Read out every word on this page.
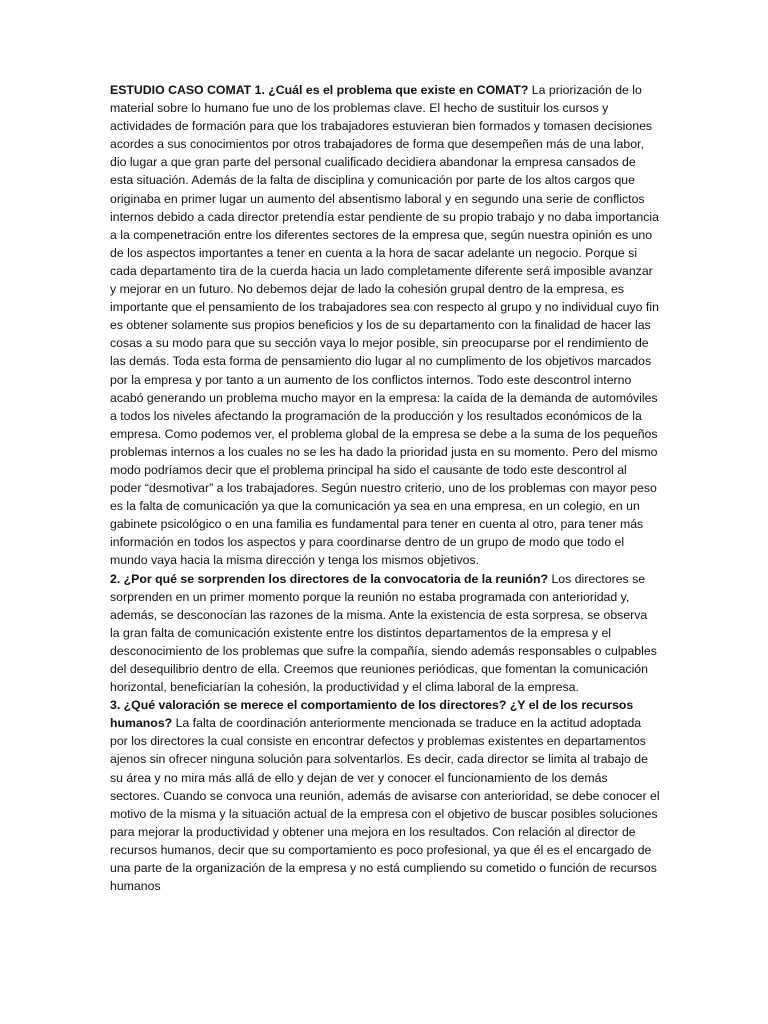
ESTUDIO CASO COMAT 1. ¿Cuál es el problema que existe en COMAT? La priorización de lo material sobre lo humano fue uno de los problemas clave. El hecho de sustituir los cursos y actividades de formación para que los trabajadores estuvieran bien formados y tomasen decisiones acordes a sus conocimientos por otros trabajadores de forma que desempeñen más de una labor, dio lugar a que gran parte del personal cualificado decidiera abandonar la empresa cansados de esta situación. Además de la falta de disciplina y comunicación por parte de los altos cargos que originaba en primer lugar un aumento del absentismo laboral y en segundo una serie de conflictos internos debido a cada director pretendía estar pendiente de su propio trabajo y no daba importancia a la compenetración entre los diferentes sectores de la empresa que, según nuestra opinión es uno de los aspectos importantes a tener en cuenta a la hora de sacar adelante un negocio. Porque si cada departamento tira de la cuerda hacia un lado completamente diferente será imposible avanzar y mejorar en un futuro. No debemos dejar de lado la cohesión grupal dentro de la empresa, es importante que el pensamiento de los trabajadores sea con respecto al grupo y no individual cuyo fin es obtener solamente sus propios beneficios y los de su departamento con la finalidad de hacer las cosas a su modo para que su sección vaya lo mejor posible, sin preocuparse por el rendimiento de las demás. Toda esta forma de pensamiento dio lugar al no cumplimento de los objetivos marcados por la empresa y por tanto a un aumento de los conflictos internos. Todo este descontrol interno acabó generando un problema mucho mayor en la empresa: la caída de la demanda de automóviles a todos los niveles afectando la programación de la producción y los resultados económicos de la empresa. Como podemos ver, el problema global de la empresa se debe a la suma de los pequeños problemas internos a los cuales no se les ha dado la prioridad justa en su momento. Pero del mismo modo podríamos decir que el problema principal ha sido el causante de todo este descontrol al poder “desmotivar” a los trabajadores. Según nuestro criterio, uno de los problemas con mayor peso es la falta de comunicación ya que la comunicación ya sea en una empresa, en un colegio, en un gabinete psicológico o en una familia es fundamental para tener en cuenta al otro, para tener más información en todos los aspectos y para coordinarse dentro de un grupo de modo que todo el mundo vaya hacia la misma dirección y tenga los mismos objetivos.

2. ¿Por qué se sorprenden los directores de la convocatoria de la reunión? Los directores se sorprenden en un primer momento porque la reunión no estaba programada con anterioridad y, además, se desconocían las razones de la misma. Ante la existencia de esta sorpresa, se observa la gran falta de comunicación existente entre los distintos departamentos de la empresa y el desconocimiento de los problemas que sufre la compañía, siendo además responsables o culpables del desequilibrio dentro de ella. Creemos que reuniones periódicas, que fomentan la comunicación horizontal, beneficiarían la cohesión, la productividad y el clima laboral de la empresa.

3. ¿Qué valoración se merece el comportamiento de los directores? ¿Y el de los recursos humanos? La falta de coordinación anteriormente mencionada se traduce en la actitud adoptada por los directores la cual consiste en encontrar defectos y problemas existentes en departamentos ajenos sin ofrecer ninguna solución para solventarlos. Es decir, cada director se limita al trabajo de su área y no mira más allá de ello y dejan de ver y conocer el funcionamiento de los demás sectores. Cuando se convoca una reunión, además de avisarse con anterioridad, se debe conocer el motivo de la misma y la situación actual de la empresa con el objetivo de buscar posibles soluciones para mejorar la productividad y obtener una mejora en los resultados. Con relación al director de recursos humanos, decir que su comportamiento es poco profesional, ya que él es el encargado de una parte de la organización de la empresa y no está cumpliendo su cometido o función de recursos humanos
